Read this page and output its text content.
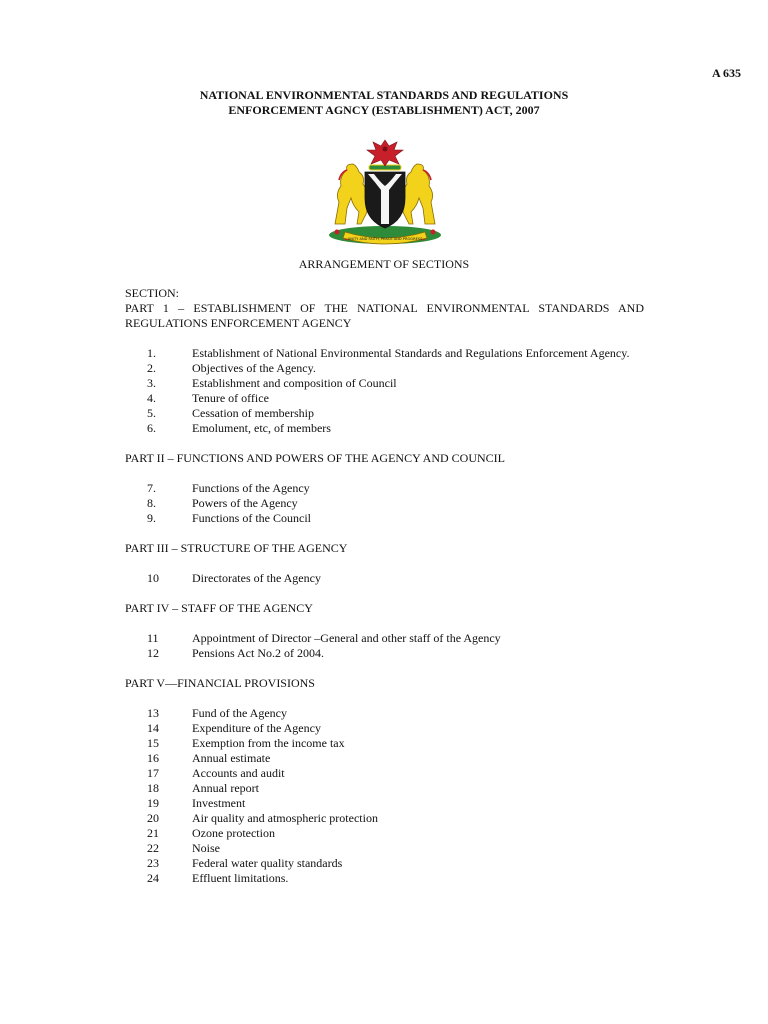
A 635
NATIONAL ENVIRONMENTAL STANDARDS AND REGULATIONS
ENFORCEMENT AGNCY (ESTABLISHMENT) ACT, 2007
UNITY AND FAITH, PEACE AND PROGRESS
ARRANGEMENT OF SECTIONS
SECTION:
PART 1 – ESTABLISHMENT OF THE NATIONAL ENVIRONMENTAL STANDARDS AND REGULATIONS ENFORCEMENT AGENCY
1.	Establishment of National Environmental Standards and Regulations Enforcement Agency.
2.	Objectives of the Agency.
3.	Establishment and composition of Council
4.	Tenure of office
5.	Cessation of membership
6.	Emolument, etc, of members
PART II – FUNCTIONS AND POWERS OF THE AGENCY AND COUNCIL
7.	Functions of the Agency
8.	Powers of the Agency
9.	Functions of the Council
PART III – STRUCTURE OF THE AGENCY
10	Directorates of the Agency
PART IV – STAFF OF THE AGENCY
11	Appointment of Director –General and other staff of the Agency
12	Pensions Act No.2 of 2004.
PART V—FINANCIAL PROVISIONS
13	Fund of the Agency
14	Expenditure of the Agency
15	Exemption from the income tax
16	Annual estimate
17	Accounts and audit
18	Annual report
19	Investment
20	Air quality and atmospheric protection
21	Ozone protection
22	Noise
23	Federal water quality standards
24	Effluent limitations.
